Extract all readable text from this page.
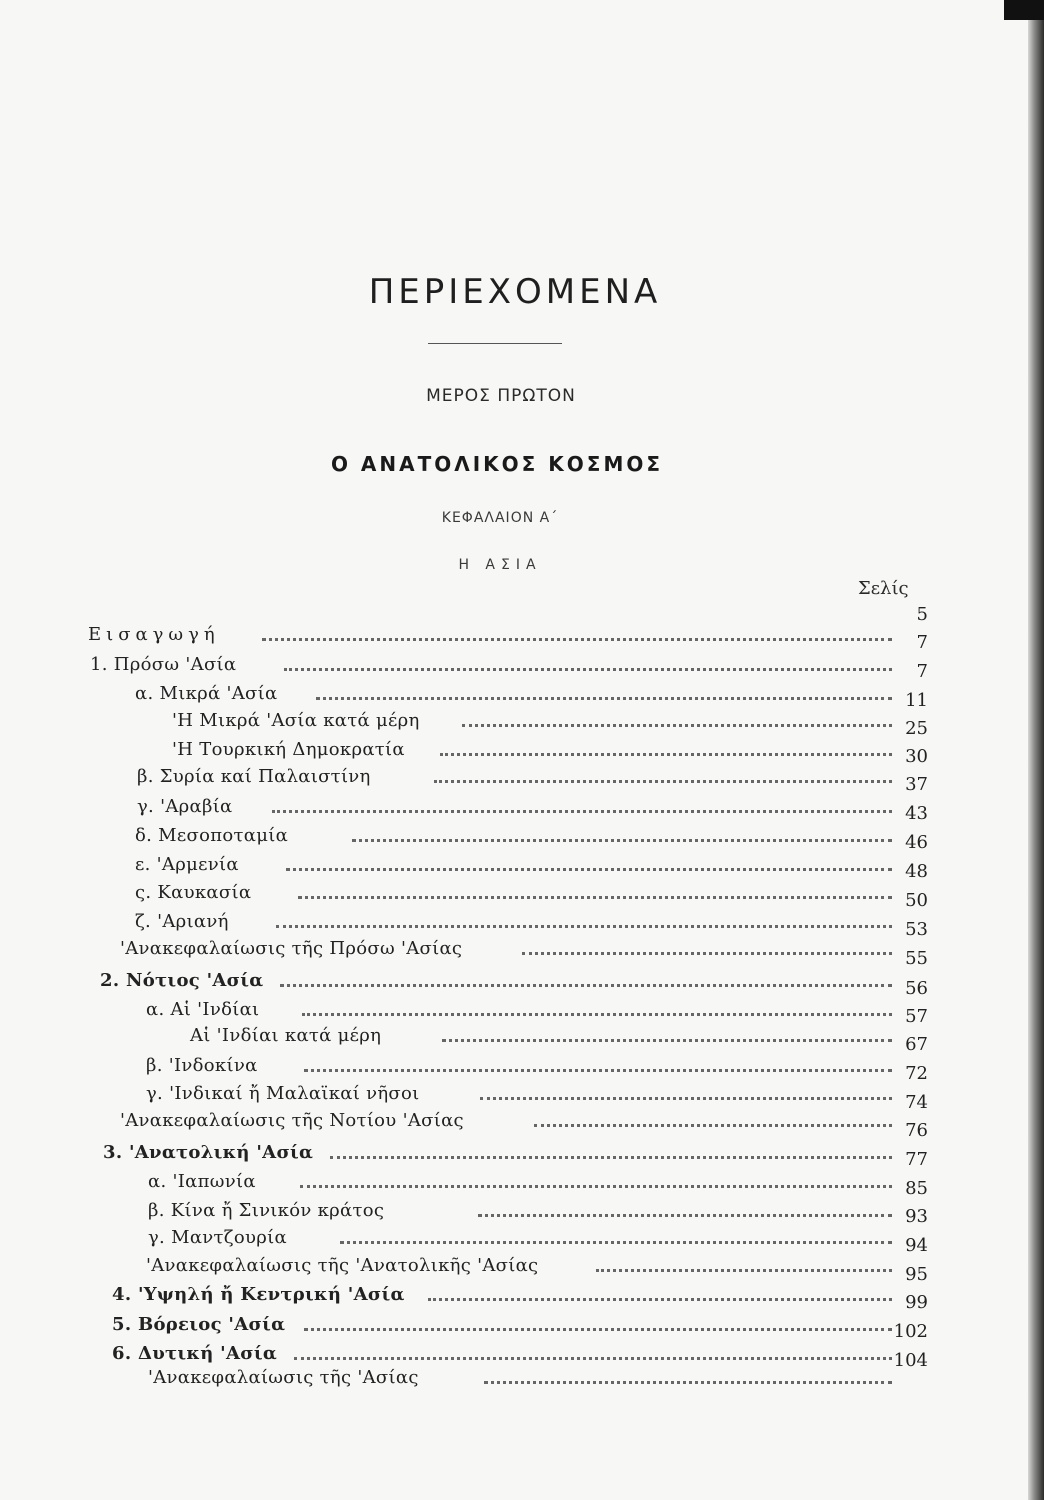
ΠΕΡΙΕΧΟΜΕΝΑ
ΜΕΡΟΣ ΠΡΩΤΟΝ
Ο ΑΝΑΤΟΛΙΚΟΣ ΚΟΣΜΟΣ
ΚΕΦΑΛΑΙΟΝ Α΄
Η ΑΣΙΑ
Σελίς
Εισαγωγή
1. Πρόσω 'Ασία
α. Μικρά 'Ασία
'Η Μικρά 'Ασία κατά μέρη
'Η Τουρκική Δημοκρατία
β. Συρία καί Παλαιστίνη
γ. 'Αραβία
δ. Μεσοποταμία
ε. 'Αρμενία
ς. Καυκασία
ζ. 'Αριανή
'Ανακεφαλαίωσις τῆς Πρόσω 'Ασίας
2. Νότιος 'Ασία
α. Αἱ 'Ινδίαι
Αἱ 'Ινδίαι κατά μέρη
β. 'Ινδοκίνα
γ. 'Ινδικαί ἤ Μαλαϊκαί νῆσοι
'Ανακεφαλαίωσις τῆς Νοτίου 'Ασίας
3. 'Ανατολική 'Ασία
α. 'Ιαπωνία
β. Κίνα ἤ Σινικόν κράτος
γ. Μαντζουρία
'Ανακεφαλαίωσις τῆς 'Ανατολικῆς 'Ασίας
4. 'Υψηλή ἤ Κεντρική 'Ασία
5. Βόρειος 'Ασία
6. Δυτική 'Ασία
'Ανακεφαλαίωσις τῆς 'Ασίας
5
7
7
11
25
30
37
43
46
48
50
53
55
56
57
67
72
74
76
77
85
93
94
95
99
102
104
